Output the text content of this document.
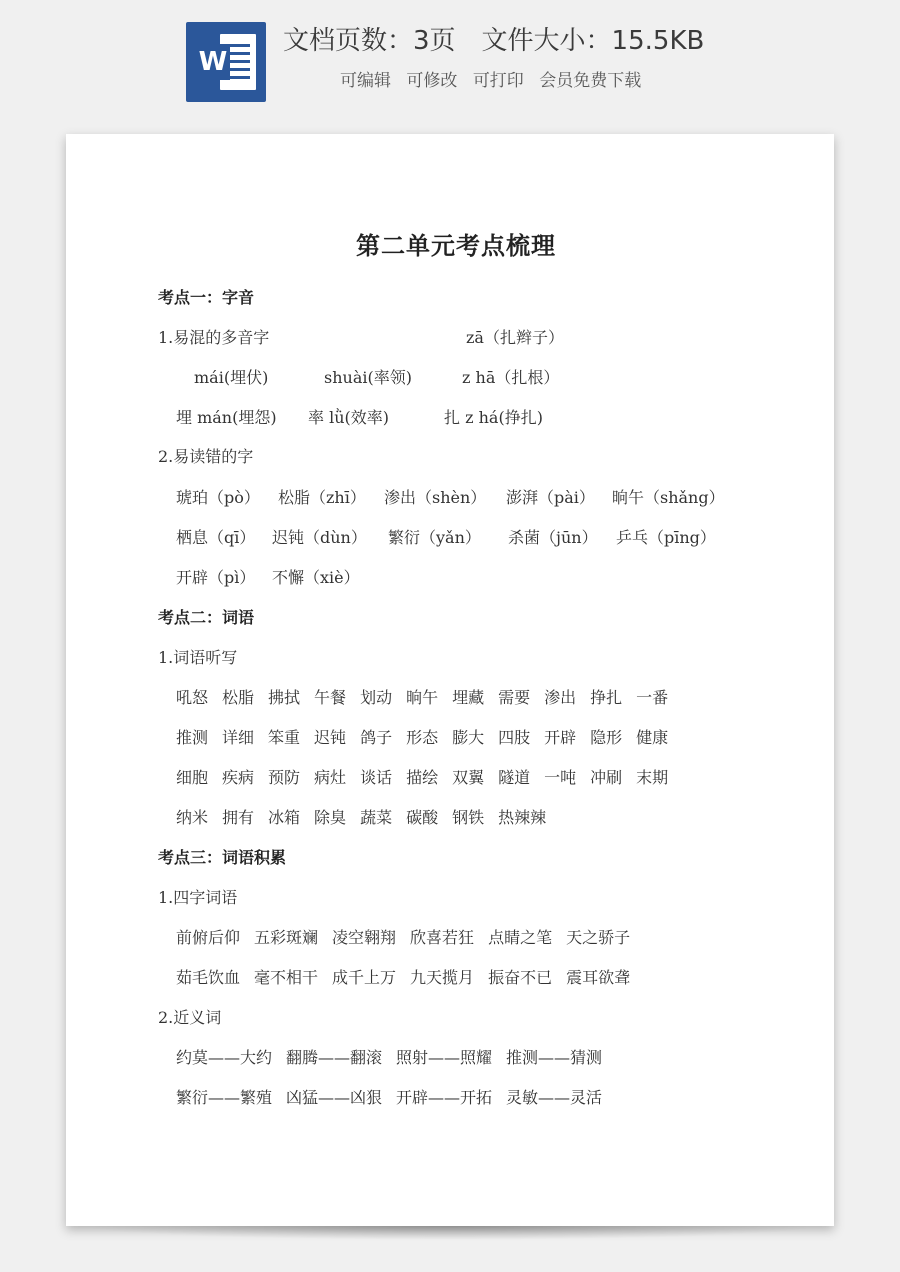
W
文档页数：3页 文件大小：15.5KB
可编辑 可修改 可打印 会员免费下载
第二单元考点梳理
考点一：字音
1.易混的多音字	zā（扎辫子）
mái(埋伏)	shuài(率领)	z hā（扎根）
埋 mán(埋怨) 率 lǜ(效率)	扎 z há(挣扎)
2.易读错的字
琥珀（pò） 松脂（zhī） 渗出（shèn） 澎湃（pài） 晌午（shǎng）
栖息（qī） 迟钝（dùn） 繁衍（yǎn） 杀菌（jūn） 乒乓（pīng）
开辟（pì） 不懈（xiè）
考点二：词语
1.词语听写
吼怒 松脂 拂拭 午餐 划动 晌午 埋藏 需要 渗出 挣扎 一番
推测 详细 笨重 迟钝 鸽子 形态 膨大 四肢 开辟 隐形 健康
细胞 疾病 预防 病灶 谈话 描绘 双翼 隧道 一吨 冲刷 末期
纳米 拥有 冰箱 除臭 蔬菜 碳酸 钢铁 热辣辣
考点三：词语积累
1.四字词语
前俯后仰 五彩斑斓 凌空翱翔 欣喜若狂 点睛之笔 天之骄子
茹毛饮血 毫不相干 成千上万 九天揽月 振奋不已 震耳欲聋
2.近义词
约莫——大约 翻腾——翻滚 照射——照耀 推测——猜测
繁衍——繁殖 凶猛——凶狠 开辟——开拓 灵敏——灵活
